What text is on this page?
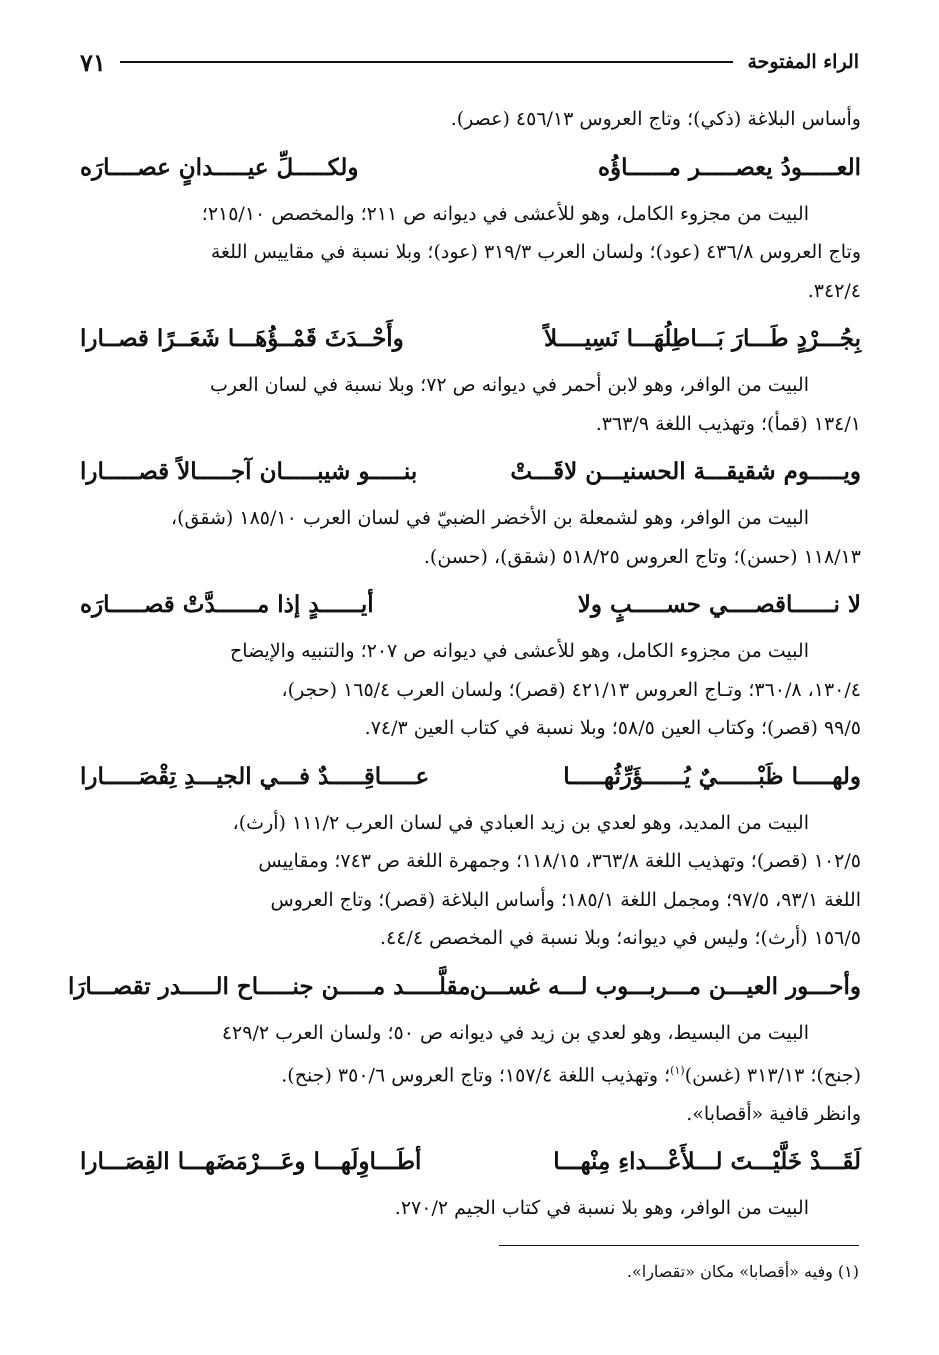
الراء المفتوحة
٧١

وأساس البلاغة (ذكي)؛ وتاج العروس ٤٥٦/١٣ (عصر).

العـــــودُ يعصـــــر مــــــاؤُه
ولكـــــلِّ عيـــــدانٍ عصــــارَه

البيت من مجزوء الكامل، وهو للأعشى في ديوانه ص ٢١١؛ والمخصص ٢١٥/١٠؛
وتاج العروس ٤٣٦/٨ (عود)؛ ولسان العرب ٣١٩/٣ (عود)؛ وبلا نسبة في مقاييس اللغة
٣٤٢/٤.

بِجُـــرْدٍ طَـــارَ بَـــاطِلُهَـــا نَسِيــــلاً
وأَحْــدَثَ قَمْــؤُهَـــا شَعَــرًا قصــارا

البيت من الوافر، وهو لابن أحمر في ديوانه ص ٧٢؛ وبلا نسبة في لسان العرب
١٣٤/١ (قمأ)؛ وتهذيب اللغة ٣٦٣/٩.

ويـــــوم شقيقـــة الحسنيـــن لاقَـــتْ
بنـــــو شيبـــــان آجـــــالاً قصـــــارا

البيت من الوافر، وهو لشمعلة بن الأخضر الضبيّ في لسان العرب ١٨٥/١٠ (شقق)،
١١٨/١٣ (حسن)؛ وتاج العروس ٥١٨/٢٥ (شقق)، (حسن).

لا نــــــاقصــــي حســـــبٍ ولا
أيــــــدٍ إذا مــــــدَّتْ قصـــــارَه

البيت من مجزوء الكامل، وهو للأعشى في ديوانه ص ٢٠٧؛ والتنبيه والإيضاح
١٣٠/٤، ٣٦٠/٨؛ وتـاج العروس ٤٢١/١٣ (قصر)؛ ولسان العرب ١٦٥/٤ (حجر)،
٩٩/٥ (قصر)؛ وكتاب العين ٥٨/٥؛ وبلا نسبة في كتاب العين ٧٤/٣.

ولهـــــا ظَبْــــــيٌ يُــــــؤَرِّثُهـــــا
عـــــاقِـــــدٌ فـــي الجيـــدِ تِقْصَـــــارا

البيت من المديد، وهو لعدي بن زيد العبادي في لسان العرب ١١١/٢ (أرث)،
١٠٢/٥ (قصر)؛ وتهذيب اللغة ٣٦٣/٨، ١١٨/١٥؛ وجمهرة اللغة ص ٧٤٣؛ ومقاييس
اللغة ٩٣/١، ٩٧/٥؛ ومجمل اللغة ١٨٥/١؛ وأساس البلاغة (قصر)؛ وتاج العروس
١٥٦/٥ (أرث)؛ وليس في ديوانه؛ وبلا نسبة في المخصص ٤٤/٤.

وأحـــور العيـــن مـــربـــوب لـــه غســـن
مقلَّـــــد مـــــن جنـــــاح الـــــدر تقصـــارَا

البيت من البسيط، وهو لعدي بن زيد في ديوانه ص ٥٠؛ ولسان العرب ٤٢٩/٢
(جنح)؛ ٣١٣/١٣ (غسن)$^{(١)}$؛ وتهذيب اللغة ١٥٧/٤؛ وتاج العروس ٣٥٠/٦ (جنح).
وانظر قافية «أقصابا».

لَقَـــدْ خَلَّيْـــتَ لـــلأَعْـــداءِ مِنْهـــا
أطَـــاوِلَهـــا وعَـــرْمَضَهـــا القِصَـــارا

البيت من الوافر، وهو بلا نسبة في كتاب الجيم ٢٧٠/٢.

(١) وفيه «أقصابا» مكان «تقصارا».
